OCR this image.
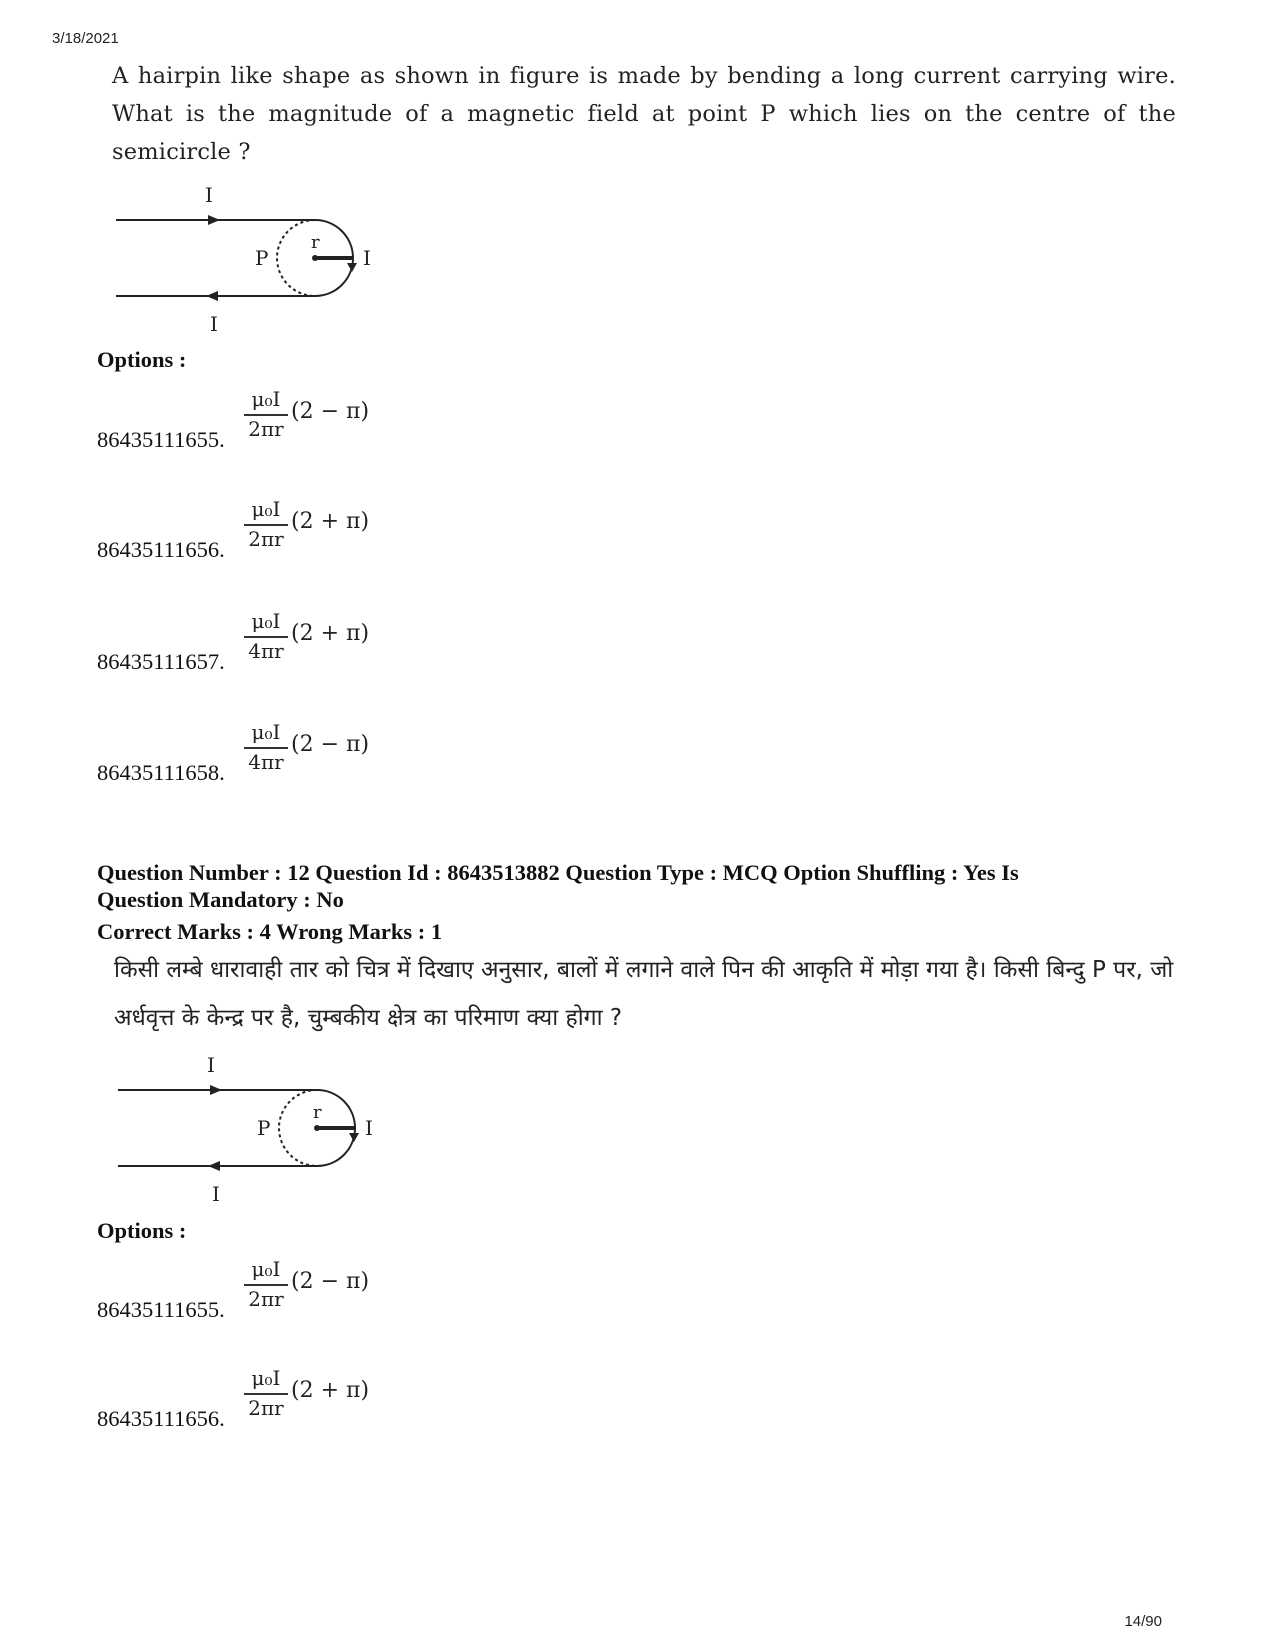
3/18/2021
14/90
A hairpin like shape as shown in figure is made by bending a long current carrying wire. What is the magnitude of a magnetic field at point P which lies on the centre of the semicircle ?
I
I
I
P
r
Options :
86435111655.
μ₀I
2πr
(2 − π)
86435111656.
μ₀I
2πr
(2 + π)
86435111657.
μ₀I
4πr
(2 + π)
86435111658.
μ₀I
4πr
(2 − π)
Question Number : 12 Question Id : 8643513882 Question Type : MCQ Option Shuffling : Yes Is
Question Mandatory : No
Correct Marks : 4 Wrong Marks : 1
किसी लम्बे धारावाही तार को चित्र में दिखाए अनुसार, बालों में लगाने वाले पिन की आकृति में मोड़ा गया है। किसी बिन्दु P पर, जो अर्धवृत्त के केन्द्र पर है, चुम्बकीय क्षेत्र का परिमाण क्या होगा ?
I
I
I
P
r
Options :
86435111655.
μ₀I
2πr
(2 − π)
86435111656.
μ₀I
2πr
(2 + π)
